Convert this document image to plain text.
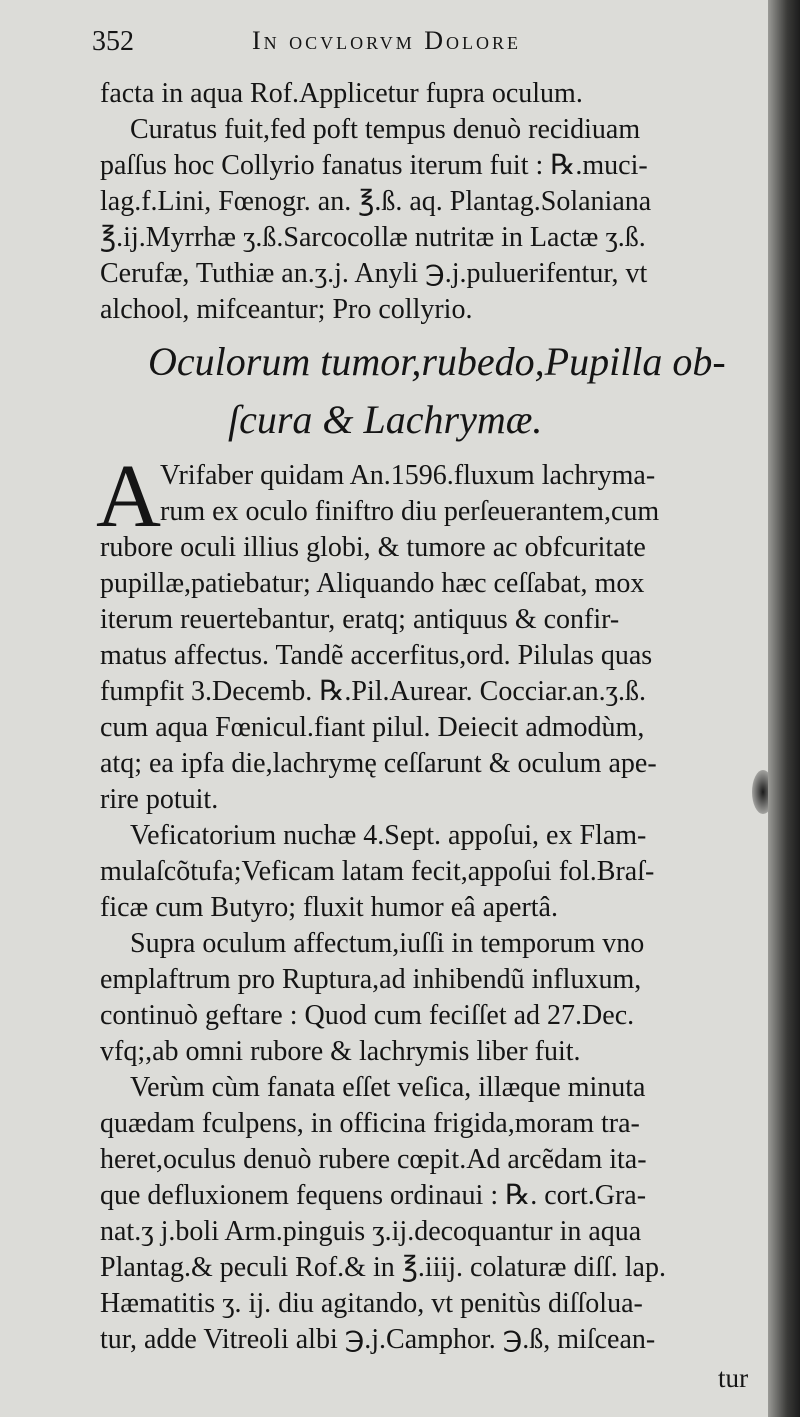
352	In ocvlorvm Dolore
facta in aqua Rof.Applicetur fupra oculum.
Curatus fuit,fed poft tempus denuò recidiuam
paſſus hoc Collyrio fanatus iterum fuit : ℞.muci-
lag.f.Lini, Fœnogr. an. ℥.ß. aq. Plantag.Solaniana
℥.ij.Myrrhæ ʒ.ß.Sarcocollæ nutritæ in Lactæ ʒ.ß.
Cerufæ, Tuthiæ an.ʒ.j. Anyli ℈.j.puluerifentur, vt
alchool, mifceantur; Pro collyrio.
Oculorum tumor,rubedo,Pupilla ob-
ſcura & Lachrymæ.
A Vrifaber quidam An.1596.fluxum lachryma-
rum ex oculo finiftro diu perſeuerantem,cum
rubore oculi illius globi, & tumore ac obfcuritate
pupillæ,patiebatur; Aliquando hæc ceſſabat, mox
iterum reuertebantur, eratq; antiquus & confir-
matus affectus. Tandẽ accerfitus,ord. Pilulas quas
fumpfit 3.Decemb. ℞.Pil.Aurear. Cocciar.an.ʒ.ß.
cum aqua Fœnicul.fiant pilul. Deiecit admodùm,
atq; ea ipfa die,lachrymę ceſſarunt & oculum ape-
rire potuit.
Veficatorium nuchæ 4.Sept. appoſui, ex Flam-
mulaſcõtufa;Veficam latam fecit,appoſui fol.Braſ-
ficæ cum Butyro; fluxit humor eâ apertâ.
Supra oculum affectum,iuſſi in temporum vno
emplaftrum pro Ruptura,ad inhibendũ influxum,
continuò geftare : Quod cum feciſſet ad 27.Dec.
vfq;,ab omni rubore & lachrymis liber fuit.
Verùm cùm fanata eſſet veſica, illæque minuta
quædam fculpens, in officina frigida,moram tra-
heret,oculus denuò rubere cœpit.Ad arcẽdam ita-
que defluxionem fequens ordinaui : ℞. cort.Gra-
nat.ʒ j.boli Arm.pinguis ʒ.ij.decoquantur in aqua
Plantag.& peculi Rof.& in ℥.iiij. colaturæ diſſ. lap.
Hæmatitis ʒ. ij. diu agitando, vt penitùs diſſolua-
tur, adde Vitreoli albi ℈.j.Camphor. ℈.ß, miſcean-
tur
